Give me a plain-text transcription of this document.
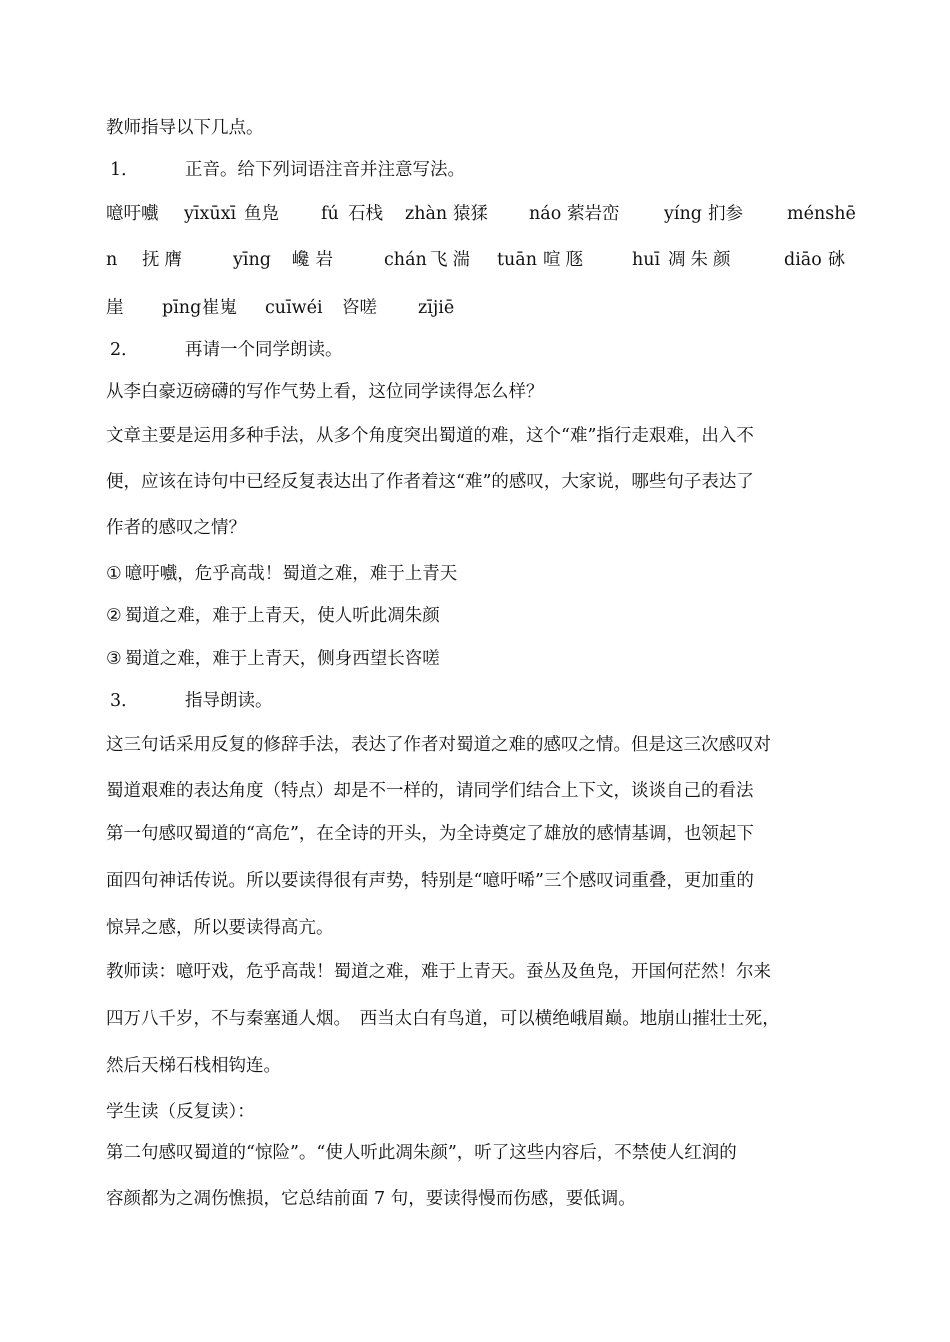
教师指导以下几点。
1．	正音。给下列词语注音并注意写法。
噫吁嚱 yīxūxī 鱼凫 fú 石栈 zhàn 猿猱 náo 萦岩峦	yíng 扪参	ménshē
n 抚膺	yīng 巉岩	chán 飞湍 tuān 喧豗	huī 凋朱颜	diāo 砯
崖 pīng 崔嵬 cuīwéi 咨嗟 zījiē
2．	再请一个同学朗读。
从李白豪迈磅礴的写作气势上看，这位同学读得怎么样？
文章主要是运用多种手法，从多个角度突出蜀道的难，这个“难”指行走艰难，出入不
便，应该在诗句中已经反复表达出了作者着这“难”的感叹，大家说，哪些句子表达了
作者的感叹之情？
① 噫吁嚱，危乎高哉！蜀道之难，难于上青天
② 蜀道之难，难于上青天，使人听此凋朱颜
③ 蜀道之难，难于上青天，侧身西望长咨嗟
3．	指导朗读。
这三句话采用反复的修辞手法，表达了作者对蜀道之难的感叹之情。但是这三次感叹对
蜀道艰难的表达角度（特点）却是不一样的，请同学们结合上下文，谈谈自己的看法
第一句感叹蜀道的“高危”，在全诗的开头，为全诗奠定了雄放的感情基调，也领起下
面四句神话传说。所以要读得很有声势，特别是“噫吁唏”三个感叹词重叠，更加重的
惊异之感，所以要读得高亢。
教师读：噫吁戏，危乎高哉！蜀道之难，难于上青天。蚕丛及鱼凫，开国何茫然！尔来
四万八千岁，不与秦塞通人烟。　西当太白有鸟道，可以横绝峨眉巅。地崩山摧壮士死，
然后天梯石栈相钩连。
学生读（反复读）：
第二句感叹蜀道的“惊险”。“使人听此凋朱颜”，听了这些内容后，不禁使人红润的
容颜都为之凋伤憔损，它总结前面 7 句，要读得慢而伤感，要低调。
